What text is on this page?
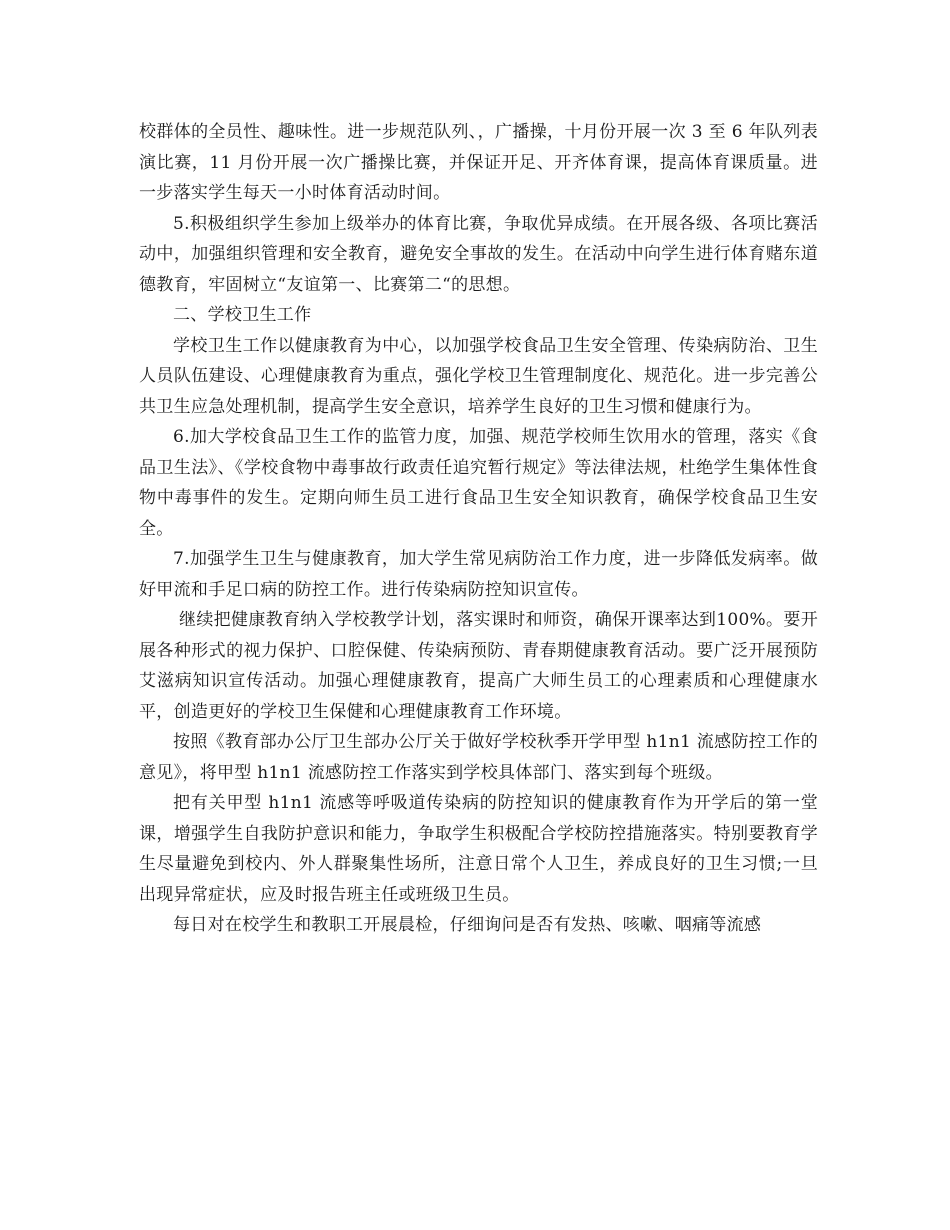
校群体的全员性、趣味性。进一步规范队列、，广播操，十月份开展一次 3 至 6 年队列表演比赛，11 月份开展一次广播操比赛，并保证开足、开齐体育课，提高体育课质量。进一步落实学生每天一小时体育活动时间。

5.积极组织学生参加上级举办的体育比赛，争取优异成绩。在开展各级、各项比赛活动中，加强组织管理和安全教育，避免安全事故的发生。在活动中向学生进行体育赌东道德教育，牢固树立“友谊第一、比赛第二“的思想。

二、学校卫生工作

学校卫生工作以健康教育为中心，以加强学校食品卫生安全管理、传染病防治、卫生人员队伍建设、心理健康教育为重点，强化学校卫生管理制度化、规范化。进一步完善公共卫生应急处理机制，提高学生安全意识，培养学生良好的卫生习惯和健康行为。

6.加大学校食品卫生工作的监管力度，加强、规范学校师生饮用水的管理，落实《食品卫生法》、《学校食物中毒事故行政责任追究暂行规定》等法律法规，杜绝学生集体性食物中毒事件的发生。定期向师生员工进行食品卫生安全知识教育，确保学校食品卫生安全。

7.加强学生卫生与健康教育，加大学生常见病防治工作力度，进一步降低发病率。做好甲流和手足口病的防控工作。进行传染病防控知识宣传。

继续把健康教育纳入学校教学计划，落实课时和师资，确保开课率达到100%。要开展各种形式的视力保护、口腔保健、传染病预防、青春期健康教育活动。要广泛开展预防艾滋病知识宣传活动。加强心理健康教育，提高广大师生员工的心理素质和心理健康水平，创造更好的学校卫生保健和心理健康教育工作环境。

按照《教育部办公厅卫生部办公厅关于做好学校秋季开学甲型 h1n1 流感防控工作的意见》，将甲型 h1n1 流感防控工作落实到学校具体部门、落实到每个班级。

把有关甲型 h1n1 流感等呼吸道传染病的防控知识的健康教育作为开学后的第一堂课，增强学生自我防护意识和能力，争取学生积极配合学校防控措施落实。特别要教育学生尽量避免到校内、外人群聚集性场所，注意日常个人卫生，养成良好的卫生习惯;一旦出现异常症状，应及时报告班主任或班级卫生员。

每日对在校学生和教职工开展晨检，仔细询问是否有发热、咳嗽、咽痛等流感
